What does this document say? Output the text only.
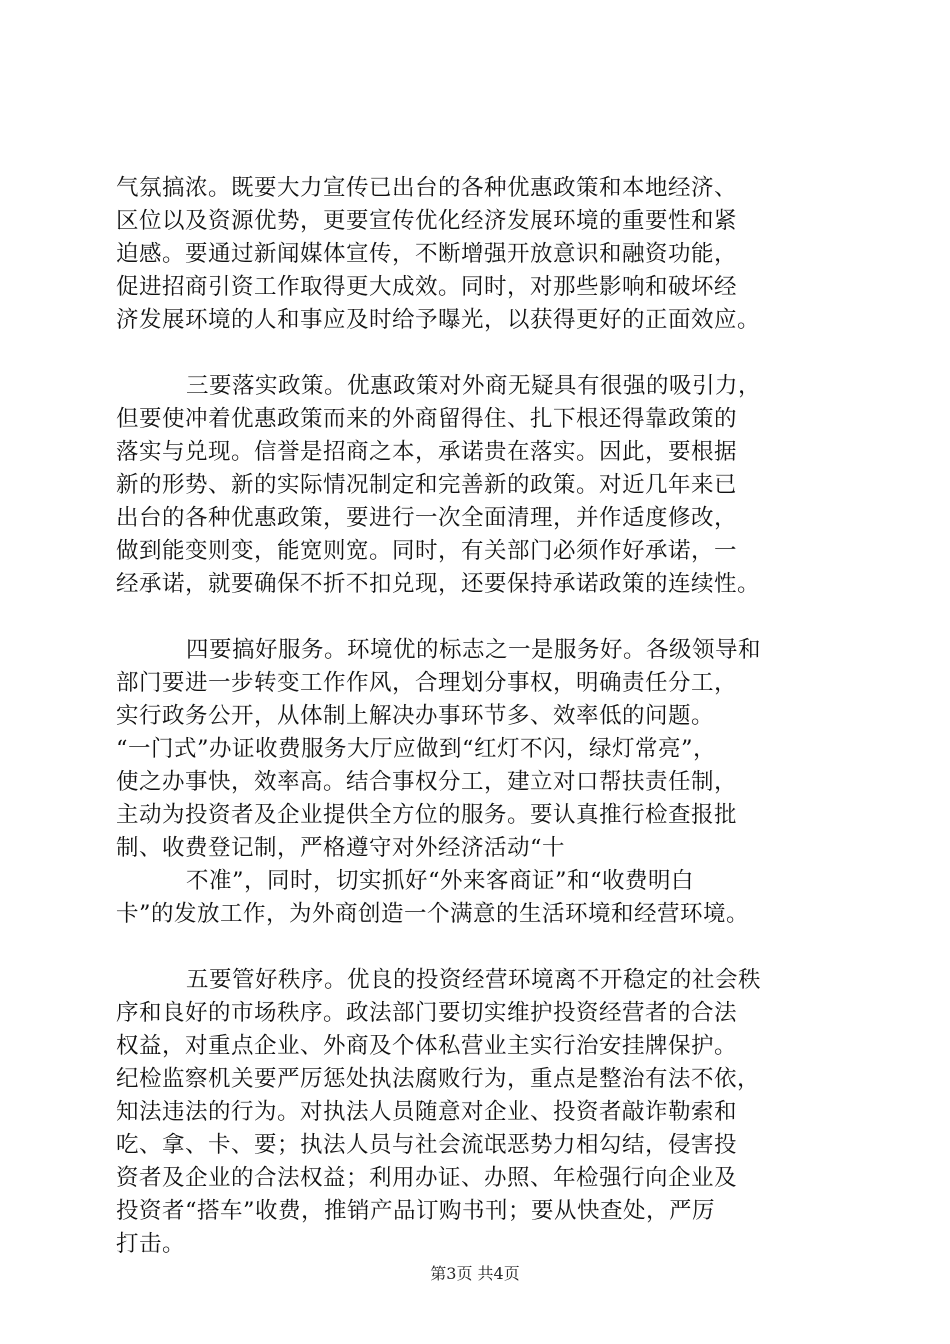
气氛搞浓。既要大力宣传已出台的各种优惠政策和本地经济、
区位以及资源优势，更要宣传优化经济发展环境的重要性和紧
迫感。要通过新闻媒体宣传，不断增强开放意识和融资功能，
促进招商引资工作取得更大成效。同时，对那些影响和破坏经
济发展环境的人和事应及时给予曝光，以获得更好的正面效应。
三要落实政策。优惠政策对外商无疑具有很强的吸引力，
但要使冲着优惠政策而来的外商留得住、扎下根还得靠政策的
落实与兑现。信誉是招商之本，承诺贵在落实。因此，要根据
新的形势、新的实际情况制定和完善新的政策。对近几年来已
出台的各种优惠政策，要进行一次全面清理，并作适度修改，
做到能变则变，能宽则宽。同时，有关部门必须作好承诺，一
经承诺，就要确保不折不扣兑现，还要保持承诺政策的连续性。
四要搞好服务。环境优的标志之一是服务好。各级领导和
部门要进一步转变工作作风，合理划分事权，明确责任分工，
实行政务公开，从体制上解决办事环节多、效率低的问题。
“一门式”办证收费服务大厅应做到“红灯不闪，绿灯常亮”，
使之办事快，效率高。结合事权分工，建立对口帮扶责任制，
主动为投资者及企业提供全方位的服务。要认真推行检查报批
制、收费登记制，严格遵守对外经济活动“十
不准”，同时，切实抓好“外来客商证”和“收费明白
卡”的发放工作，为外商创造一个满意的生活环境和经营环境。
五要管好秩序。优良的投资经营环境离不开稳定的社会秩
序和良好的市场秩序。政法部门要切实维护投资经营者的合法
权益，对重点企业、外商及个体私营业主实行治安挂牌保护。
纪检监察机关要严厉惩处执法腐败行为，重点是整治有法不依，
知法违法的行为。对执法人员随意对企业、投资者敲诈勒索和
吃、拿、卡、要；执法人员与社会流氓恶势力相勾结，侵害投
资者及企业的合法权益；利用办证、办照、年检强行向企业及
投资者“搭车”收费，推销产品订购书刊；要从快查处，严厉
打击。
第3页 共4页
